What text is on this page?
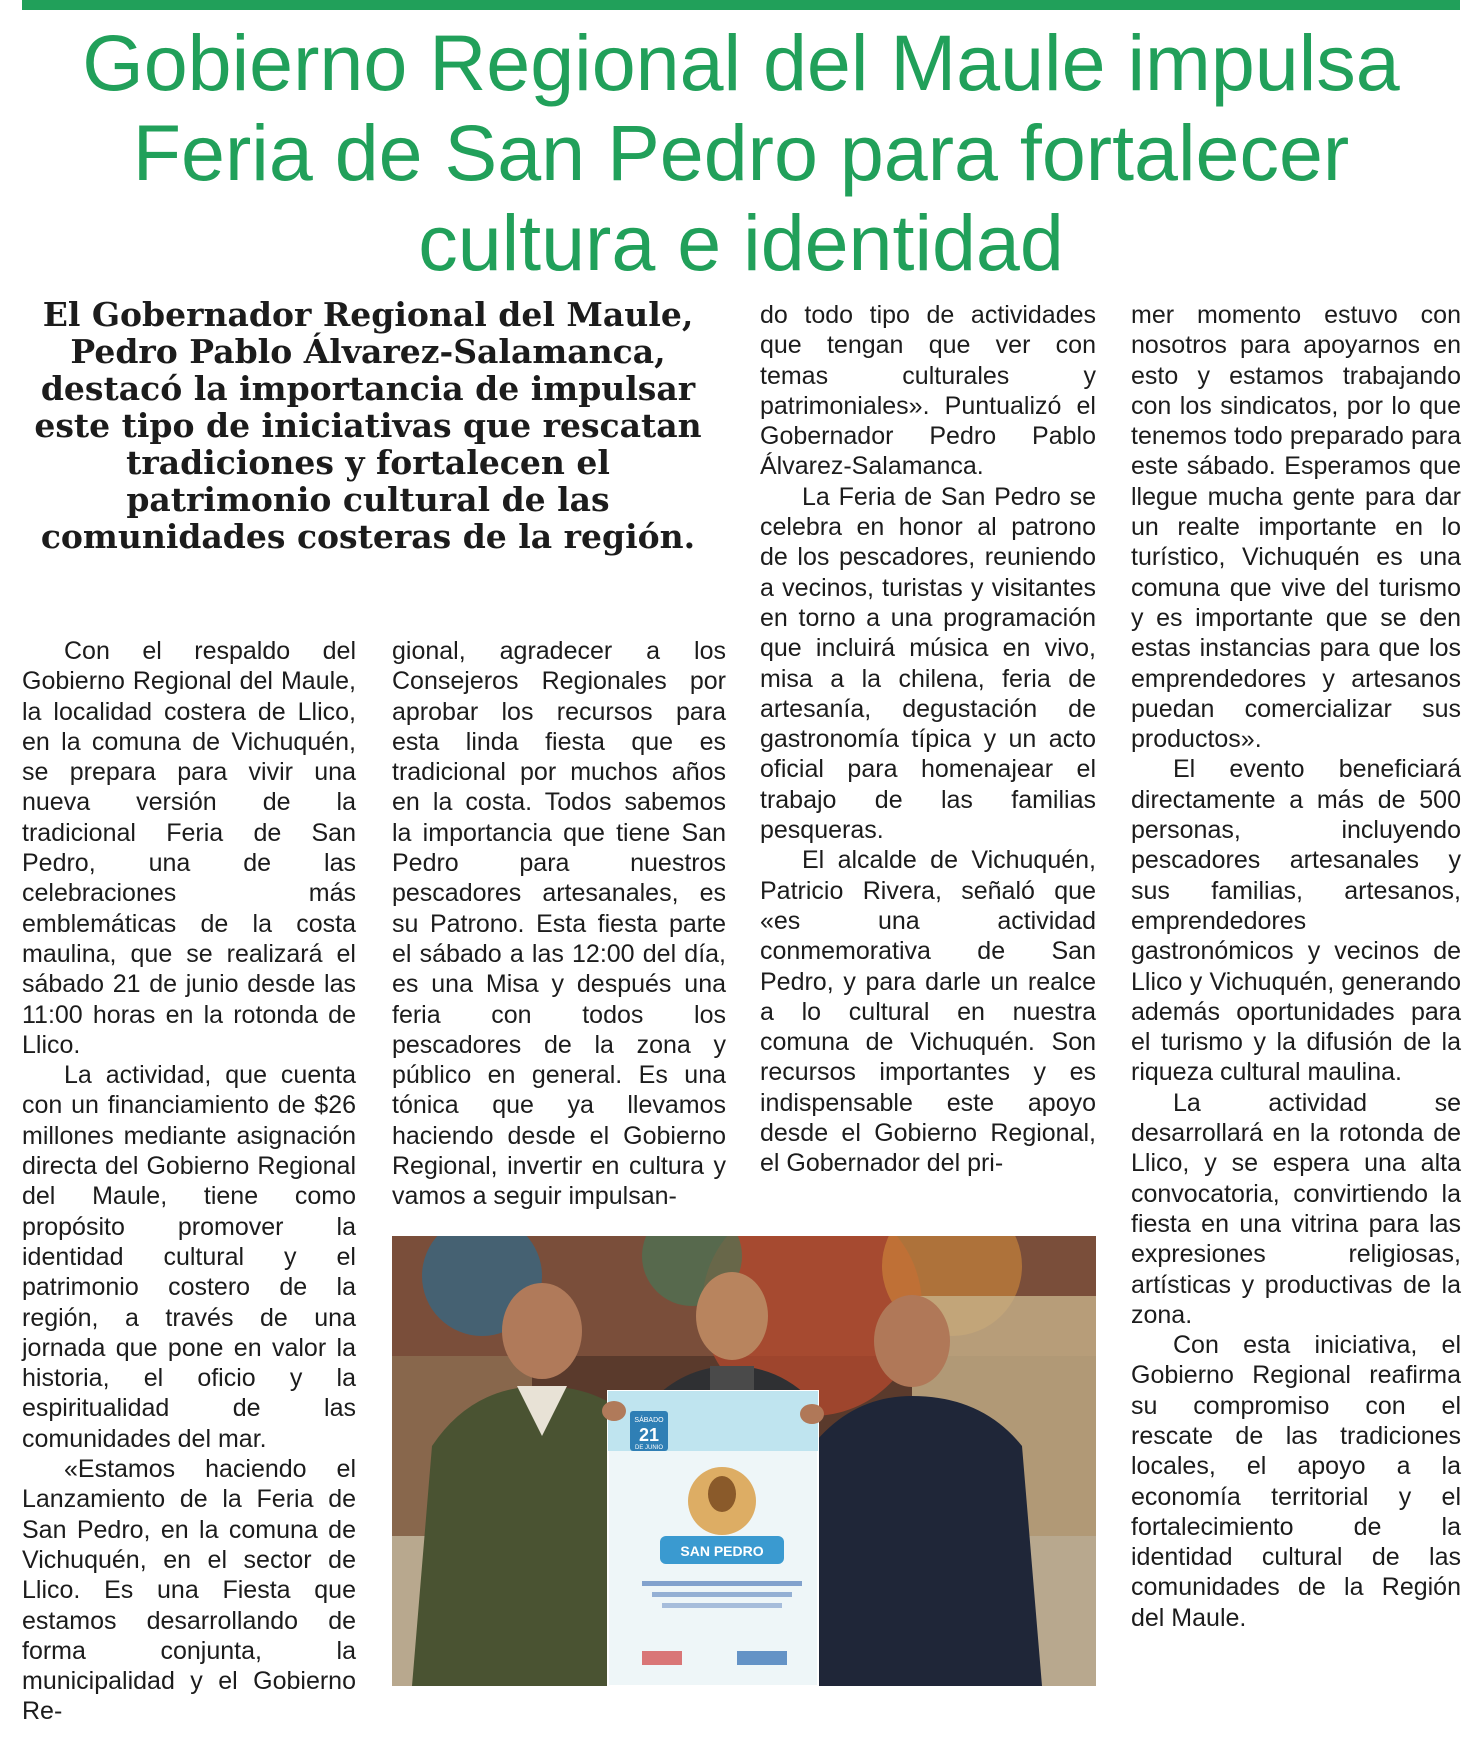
Gobierno Regional del Maule impulsa Feria de San Pedro para fortalecer cultura e identidad

El Gobernador Regional del Maule, Pedro Pablo Álvarez-Salamanca, destacó la importancia de impulsar este tipo de iniciativas que rescatan tradiciones y fortalecen el patrimonio cultural de las comunidades costeras de la región.

Con el respaldo del Gobierno Regional del Maule, la localidad costera de Llico, en la comuna de Vichuquén, se prepara para vivir una nueva versión de la tradicional Feria de San Pedro, una de las celebraciones más emblemáticas de la costa maulina, que se realizará el sábado 21 de junio desde las 11:00 horas en la rotonda de Llico.

La actividad, que cuenta con un financiamiento de $26 millones mediante asignación directa del Gobierno Regional del Maule, tiene como propósito promover la identidad cultural y el patrimonio costero de la región, a través de una jornada que pone en valor la historia, el oficio y la espiritualidad de las comunidades del mar.

«Estamos haciendo el Lanzamiento de la Feria de San Pedro, en la comuna de Vichuquén, en el sector de Llico. Es una Fiesta que estamos desarrollando de forma conjunta, la municipalidad y el Gobierno Re-

gional, agradecer a los Consejeros Regionales por aprobar los recursos para esta linda fiesta que es tradicional por muchos años en la costa. Todos sabemos la importancia que tiene San Pedro para nuestros pescadores artesanales, es su Patrono. Esta fiesta parte el sábado a las 12:00 del día, es una Misa y después una feria con todos los pescadores de la zona y público en general. Es una tónica que ya llevamos haciendo desde el Gobierno Regional, invertir en cultura y vamos a seguir impulsan-

do todo tipo de actividades que tengan que ver con temas culturales y patrimoniales». Puntualizó el Gobernador Pedro Pablo Álvarez-Salamanca.

La Feria de San Pedro se celebra en honor al patrono de los pescadores, reuniendo a vecinos, turistas y visitantes en torno a una programación que incluirá música en vivo, misa a la chilena, feria de artesanía, degustación de gastronomía típica y un acto oficial para homenajear el trabajo de las familias pesqueras.

El alcalde de Vichuquén, Patricio Rivera, señaló que «es una actividad conmemorativa de San Pedro, y para darle un realce a lo cultural en nuestra comuna de Vichuquén. Son recursos importantes y es indispensable este apoyo desde el Gobierno Regional, el Gobernador del pri-

mer momento estuvo con nosotros para apoyarnos en esto y estamos trabajando con los sindicatos, por lo que tenemos todo preparado para este sábado. Esperamos que llegue mucha gente para dar un realte importante en lo turístico, Vichuquén es una comuna que vive del turismo y es importante que se den estas instancias para que los emprendedores y artesanos puedan comercializar sus productos».

El evento beneficiará directamente a más de 500 personas, incluyendo pescadores artesanales y sus familias, artesanos, emprendedores gastronómicos y vecinos de Llico y Vichuquén, generando además oportunidades para el turismo y la difusión de la riqueza cultural maulina.

La actividad se desarrollará en la rotonda de Llico, y se espera una alta convocatoria, convirtiendo la fiesta en una vitrina para las expresiones religiosas, artísticas y productivas de la zona.

Con esta iniciativa, el Gobierno Regional reafirma su compromiso con el rescate de las tradiciones locales, el apoyo a la economía territorial y el fortalecimiento de la identidad cultural de las comunidades de la Región del Maule.

SÁBADO
21
DE JUNIO
SAN PEDRO
